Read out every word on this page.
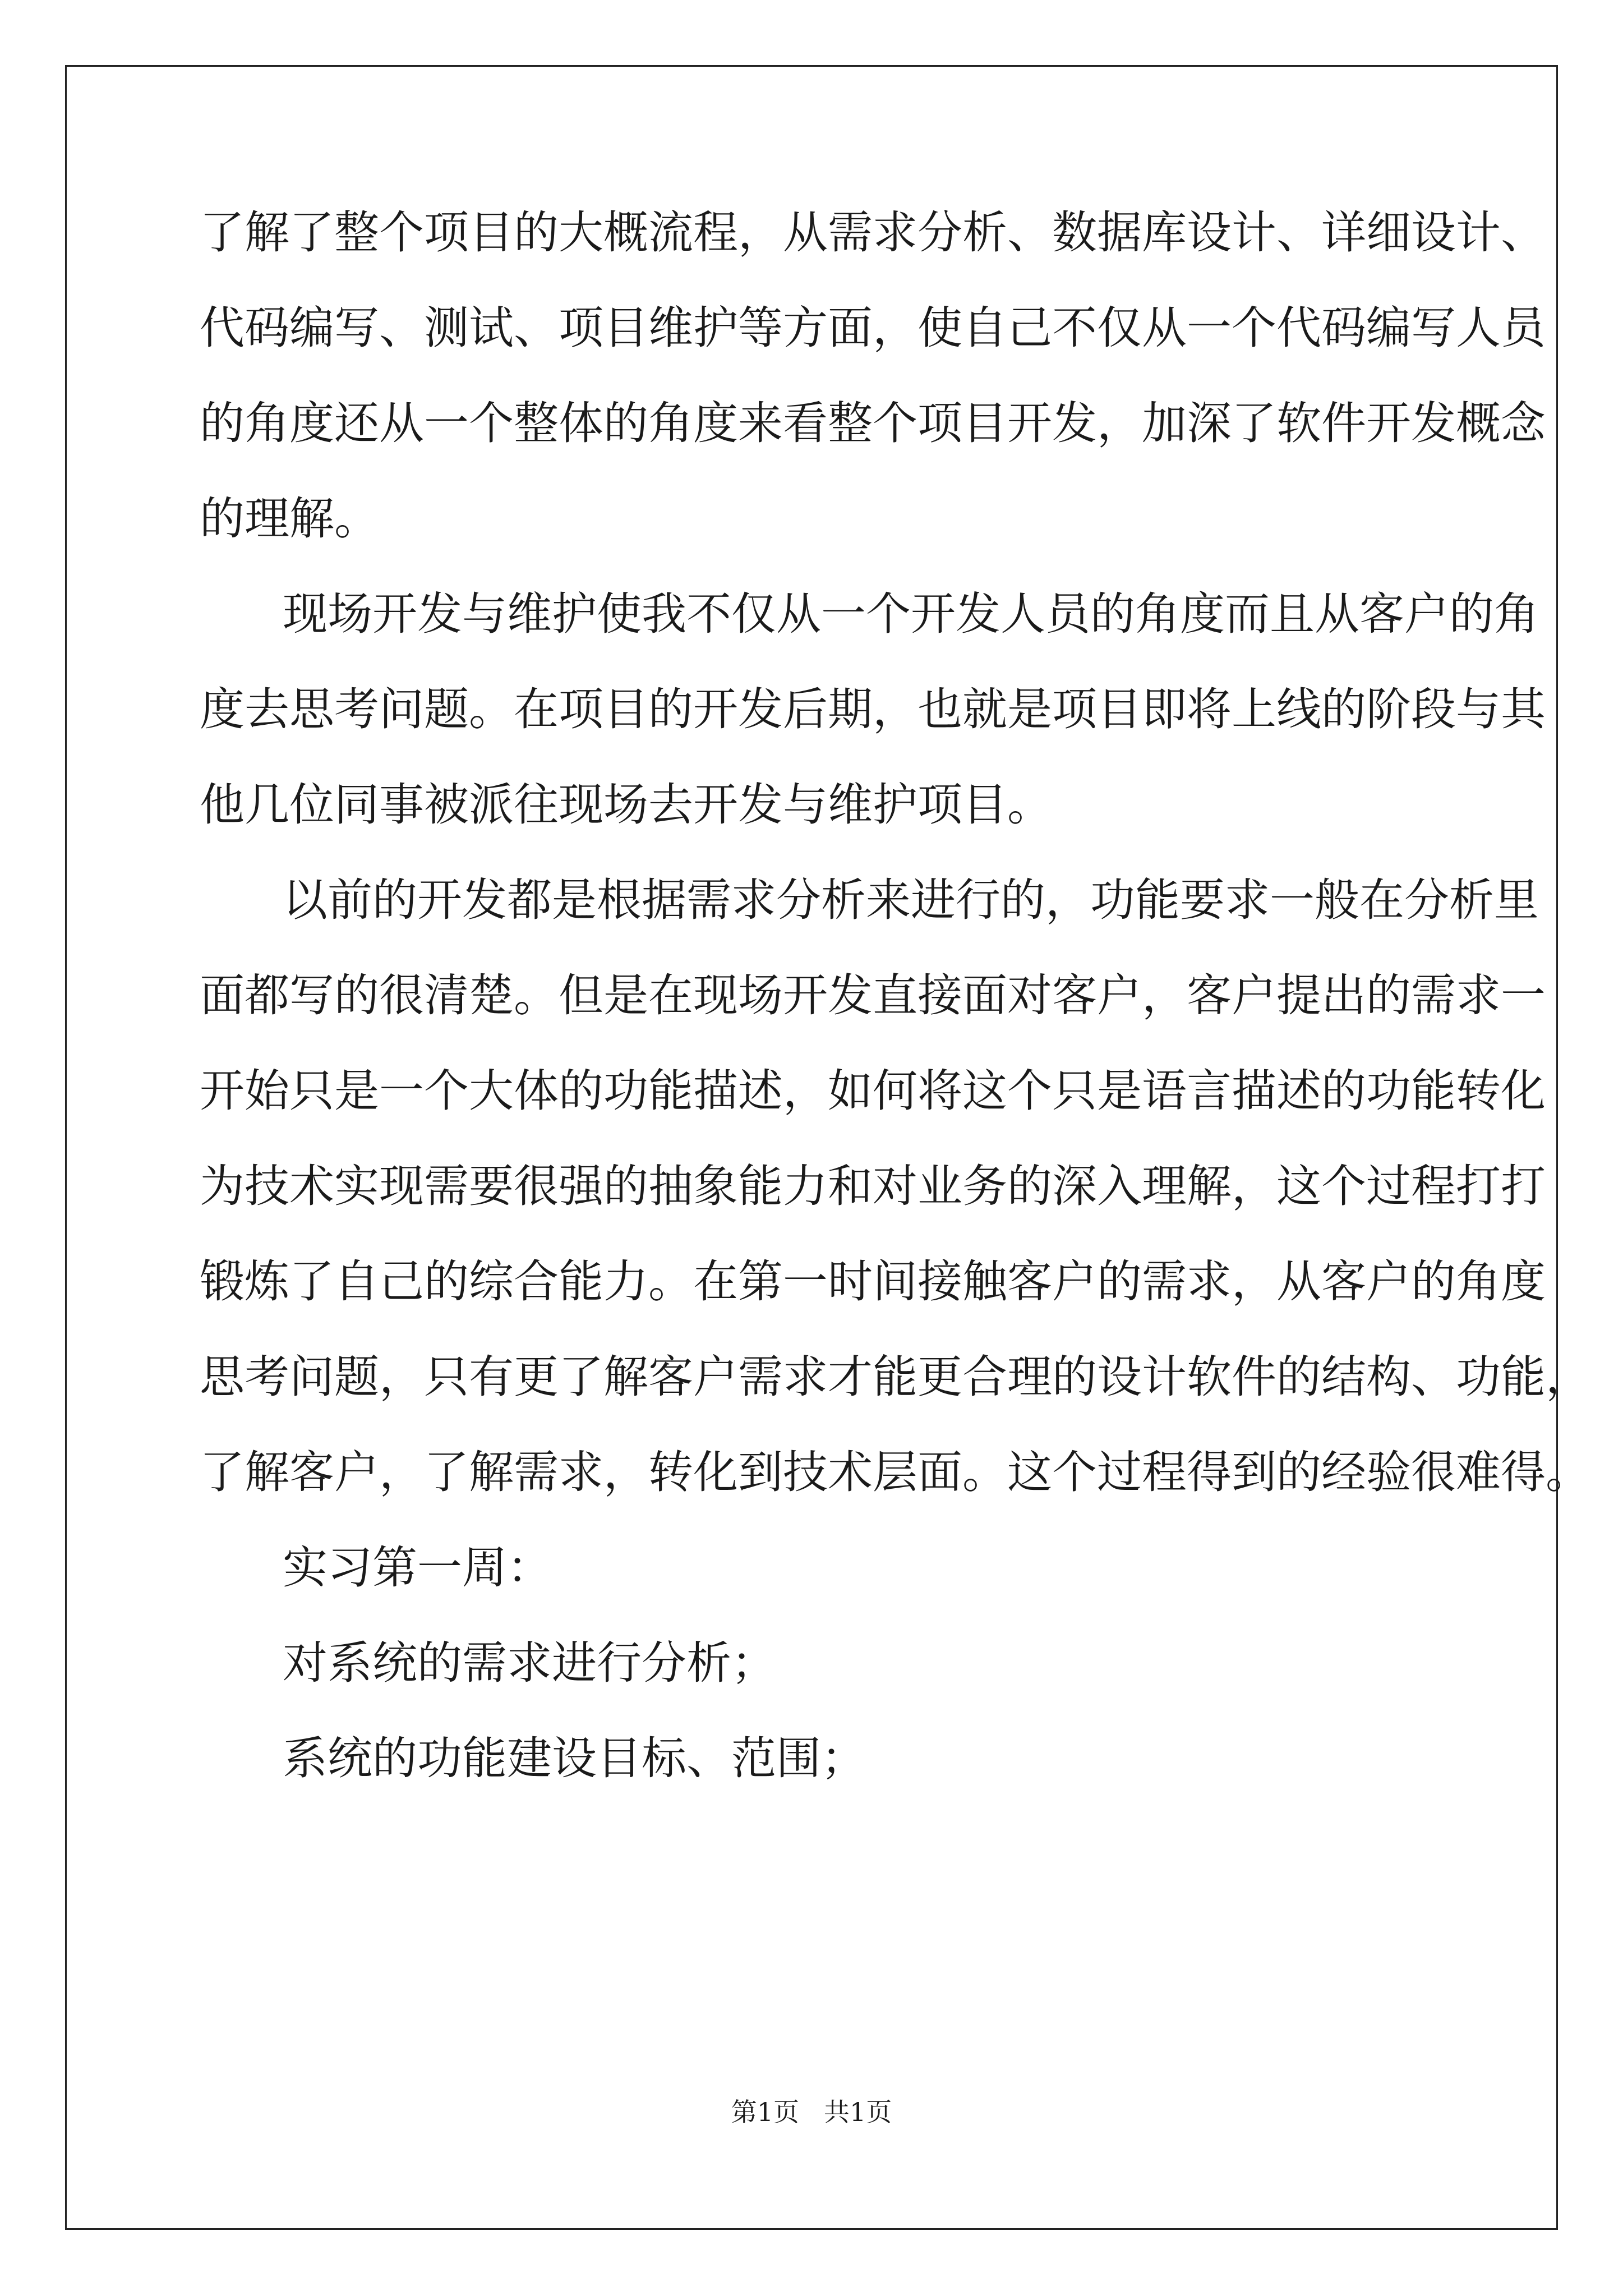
了解了整个项目的大概流程，从需求分析、数据库设计、详细设计、

代码编写、测试、项目维护等方面，使自己不仅从一个代码编写人员

的角度还从一个整体的角度来看整个项目开发，加深了软件开发概念

的理解。

现场开发与维护使我不仅从一个开发人员的角度而且从客户的角

度去思考问题。在项目的开发后期，也就是项目即将上线的阶段与其

他几位同事被派往现场去开发与维护项目。

以前的开发都是根据需求分析来进行的，功能要求一般在分析里

面都写的很清楚。但是在现场开发直接面对客户，客户提出的需求一

开始只是一个大体的功能描述，如何将这个只是语言描述的功能转化

为技术实现需要很强的抽象能力和对业务的深入理解，这个过程打打

锻炼了自己的综合能力。在第一时间接触客户的需求，从客户的角度

思考问题，只有更了解客户需求才能更合理的设计软件的结构、功能，

了解客户，了解需求，转化到技术层面。这个过程得到的经验很难得。

实习第一周：

对系统的需求进行分析；

系统的功能建设目标、范围；

第1页 共1页
